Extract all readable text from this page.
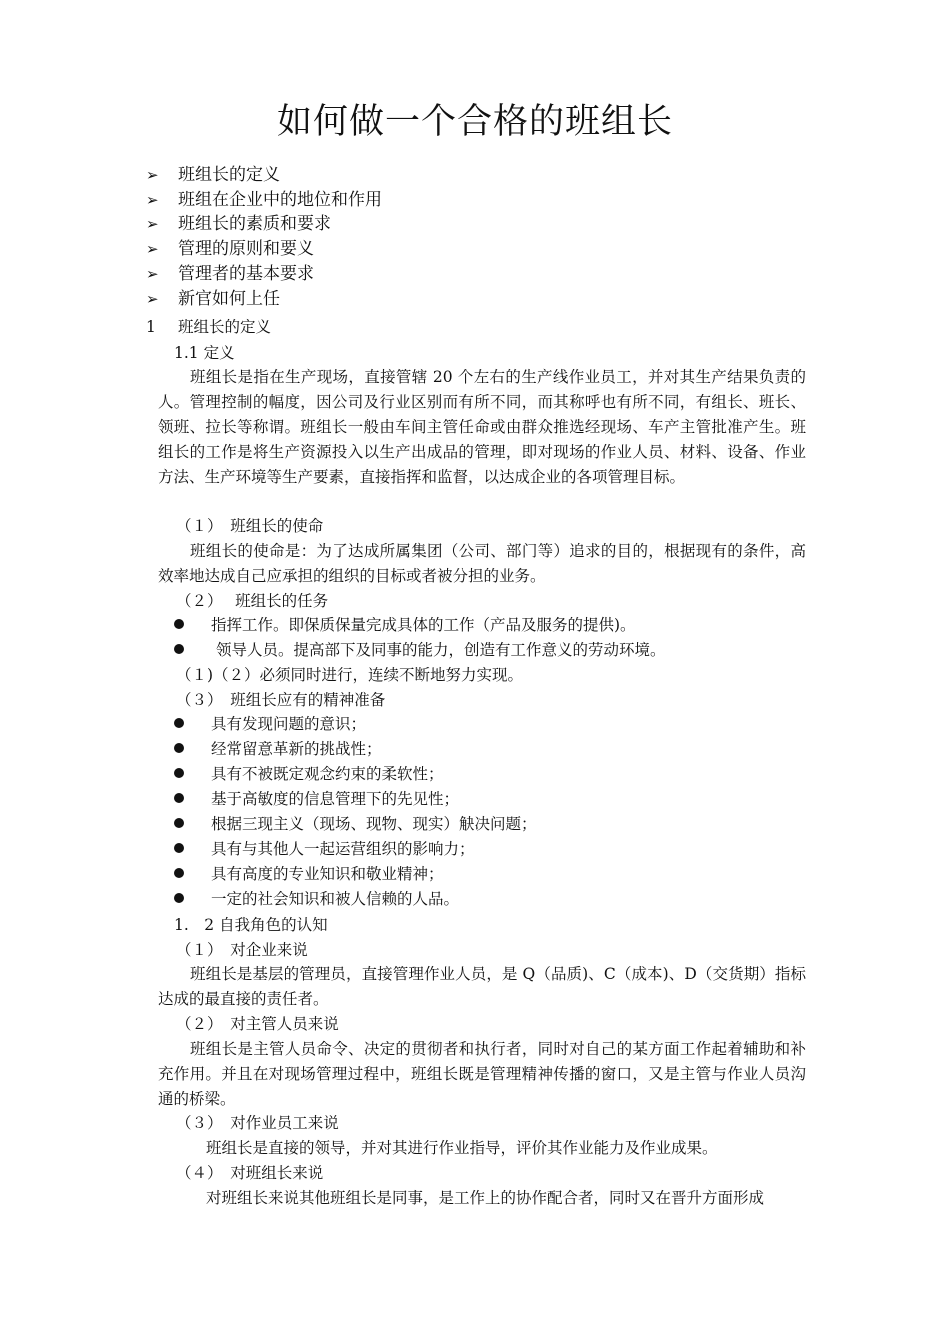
如何做一个合格的班组长
➢ 班组长的定义
➢ 班组在企业中的地位和作用
➢ 班组长的素质和要求
➢ 管理的原则和要义
➢ 管理者的基本要求
➢ 新官如何上任
1 班组长的定义
1.1 定义

班组长是指在生产现场，直接管辖 20 个左右的生产线作业员工，并对其生产结果负责的人。管理控制的幅度，因公司及行业区别而有所不同，而其称呼也有所不同，有组长、班长、领班、拉长等称谓。班组长一般由车间主管任命或由群众推选经现场、车产主管批准产生。班组长的工作是将生产资源投入以生产出成品的管理，即对现场的作业人员、材料、设备、作业方法、生产环境等生产要素，直接指挥和监督，以达成企业的各项管理目标。

（１）　班组长的使命

班组长的使命是：为了达成所属集团（公司、部门等）追求的目的，根据现有的条件，高效率地达成自己应承担的组织的目标或者被分担的业务。

（２）　 班组长的任务
指挥工作。即保质保量完成具体的工作（产品及服务的提供)。
领导人员。提高部下及同事的能力，创造有工作意义的劳动环境。
（１)（２）必须同时进行，连续不断地努力实现。
（３）　班组长应有的精神准备
具有发现问题的意识；
经常留意革新的挑战性；
具有不被既定观念约束的柔软性；
基于高敏度的信息管理下的先见性；
根据三现主义（现场、现物、现实）觖决问题；
具有与其他人一起运营组织的影响力；
具有高度的专业知识和敬业精神；
一定的社会知识和被人信赖的人品。
1.　2 自我角色的认知
（１）　对企业来说

班组长是基层的管理员，直接管理作业人员，是 Q（品质)、C（成本)、D（交货期）指标达成的最直接的责任者。

（２）　对主管人员来说

班组长是主管人员命令、决定的贯彻者和执行者，同时对自己的某方面工作起着辅助和补充作用。并且在对现场管理过程中，班组长既是管理精神传播的窗口，又是主管与作业人员沟通的桥梁。

（３）　对作业员工来说
班组长是直接的领导，并对其进行作业指导，评价其作业能力及作业成果。
（４）　对班组长来说
对班组长来说其他班组长是同事，是工作上的协作配合者，同时又在晋升方面形成
